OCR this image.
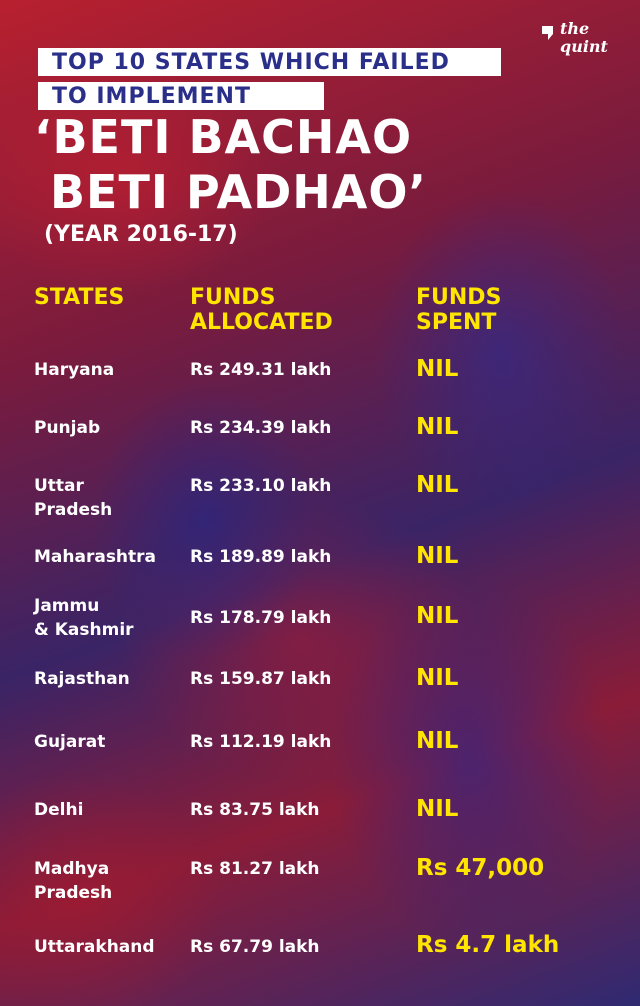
the
quint
TOP 10 STATES WHICH FAILED
TO IMPLEMENT
‘BETI BACHAO
BETI PADHAO’
(YEAR 2016-17)
STATES	FUNDS
ALLOCATED
FUNDS
SPENT
Haryana	Rs 249.31 lakh	NIL
Punjab	Rs 234.39 lakh	NIL
Uttar
Pradesh
Rs 233.10 lakh	NIL
Maharashtra	Rs 189.89 lakh	NIL
Jammu
& Kashmir
Rs 178.79 lakh	NIL
Rajasthan	Rs 159.87 lakh	NIL
Gujarat	Rs 112.19 lakh	NIL
Delhi	Rs 83.75 lakh	NIL
Madhya
Pradesh
Rs 81.27 lakh	Rs 47,000
Uttarakhand	Rs 67.79 lakh	Rs 4.7 lakh
